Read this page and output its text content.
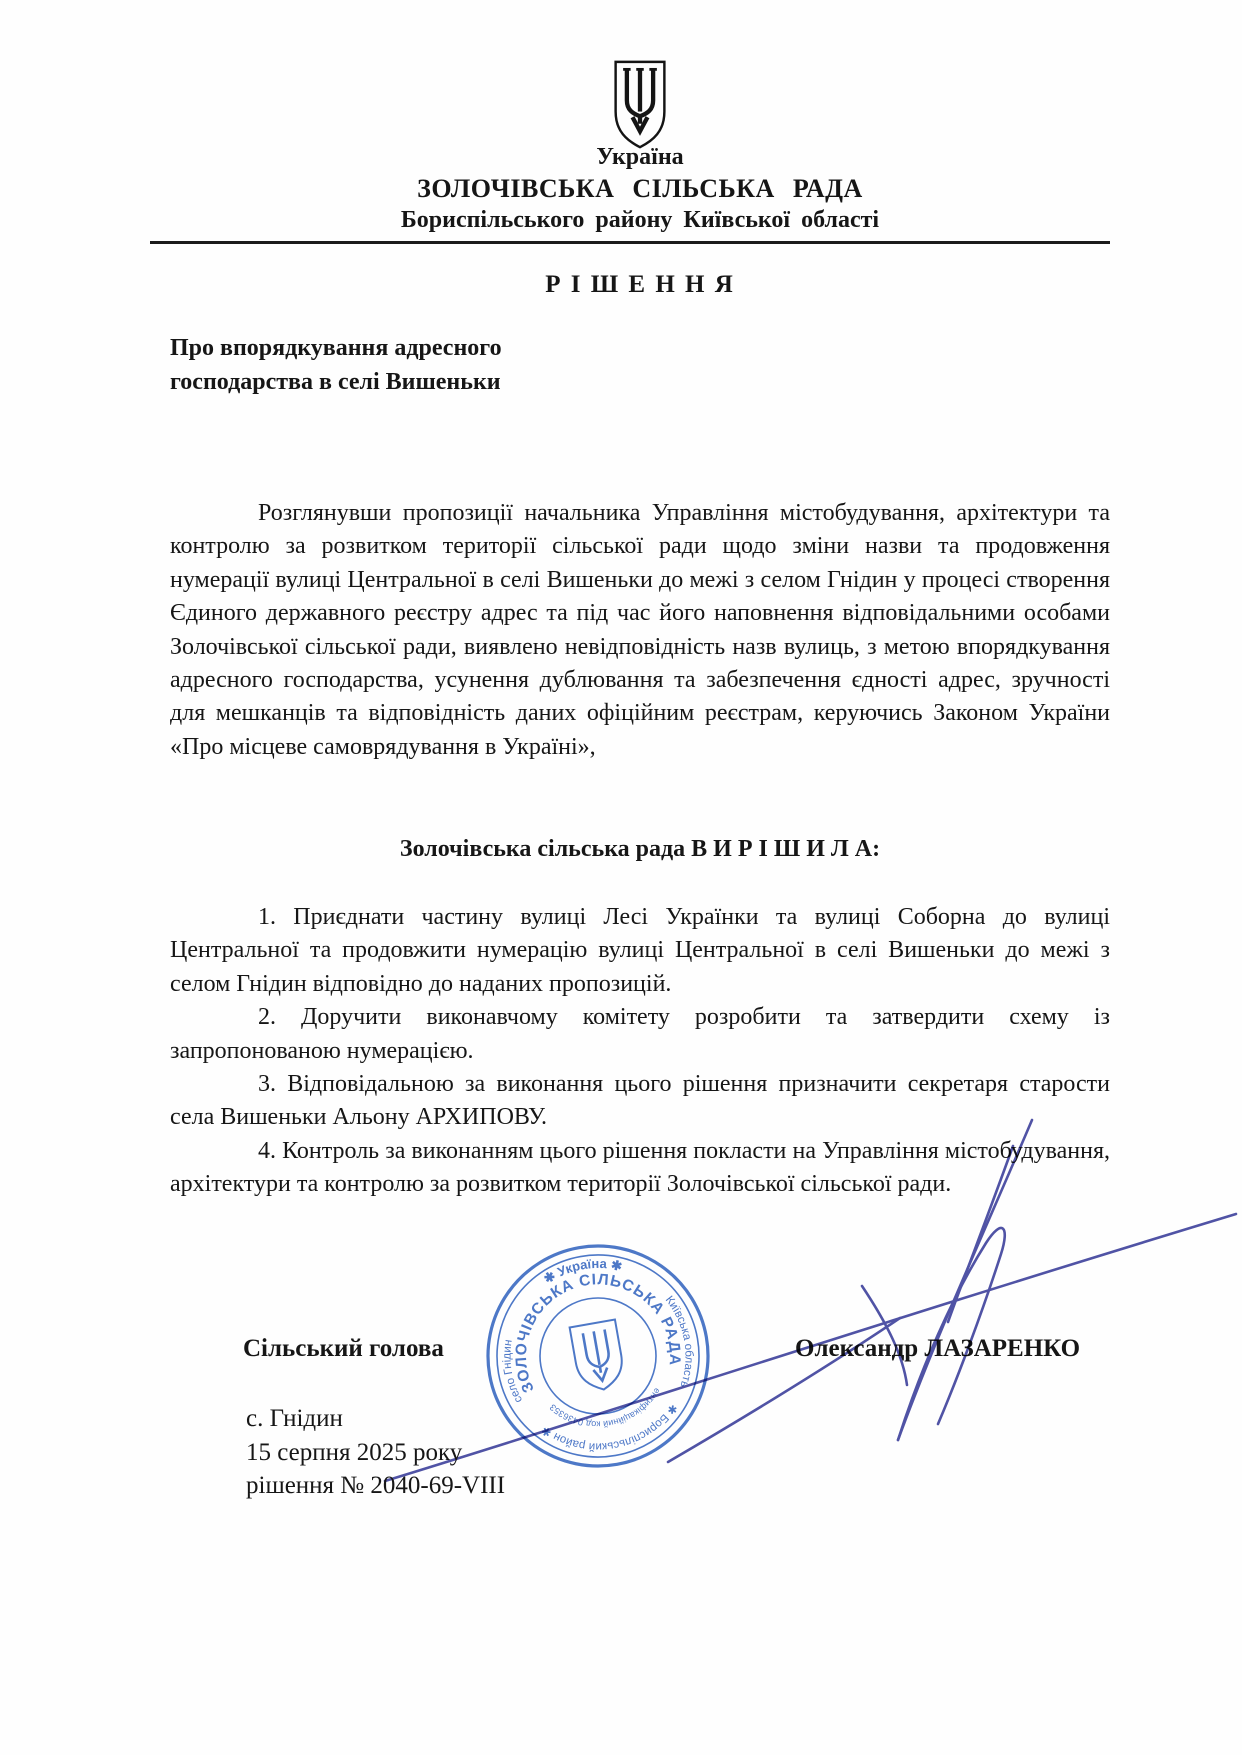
Україна
ЗОЛОЧІВСЬКА СІЛЬСЬКА РАДА
Бориспільського району Київської області
Р І Ш Е Н Н Я
Про впорядкування адресного
господарства в селі Вишеньки

Розглянувши пропозиції начальника Управління містобудування, архітектури та контролю за розвитком території сільської ради щодо зміни назви та продовження нумерації вулиці Центральної в селі Вишеньки до межі з селом Гнідин у процесі створення Єдиного державного реєстру адрес та під час його наповнення відповідальними особами Золочівської сільської ради, виявлено невідповідність назв вулиць, з метою впорядкування адресного господарства, усунення дублювання та забезпечення єдності адрес, зручності для мешканців та відповідність даних офіційним реєстрам, керуючись Законом України «Про місцеве самоврядування в Україні»,

Золочівська сільська рада В И Р І Ш И Л А:

1. Приєднати частину вулиці Лесі Українки та вулиці Соборна до вулиці Центральної та продовжити нумерацію вулиці Центральної в селі Вишеньки до межі з селом Гнідин відповідно до наданих пропозицій.

2. Доручити виконавчому комітету розробити та затвердити схему із запропонованою нумерацією.

3. Відповідальною за виконання цього рішення призначити секретаря старости села Вишеньки Альону АРХИПОВУ.

4. Контроль за виконанням цього рішення покласти на Управління містобудування, архітектури та контролю за розвитком території Золочівської сільської ради.

Сільський голова	Олександр ЛАЗАРЕНКО
✱ Україна ✱
Київська область
✱ Бориспільський район ✱
село Гнідин
ЗОЛОЧІВСЬКА СІЛЬСЬКА РАДА
ідентифікаційний код 04363538
с. Гнідин
15 серпня 2025 року
рішення № 2040-69-VIII
